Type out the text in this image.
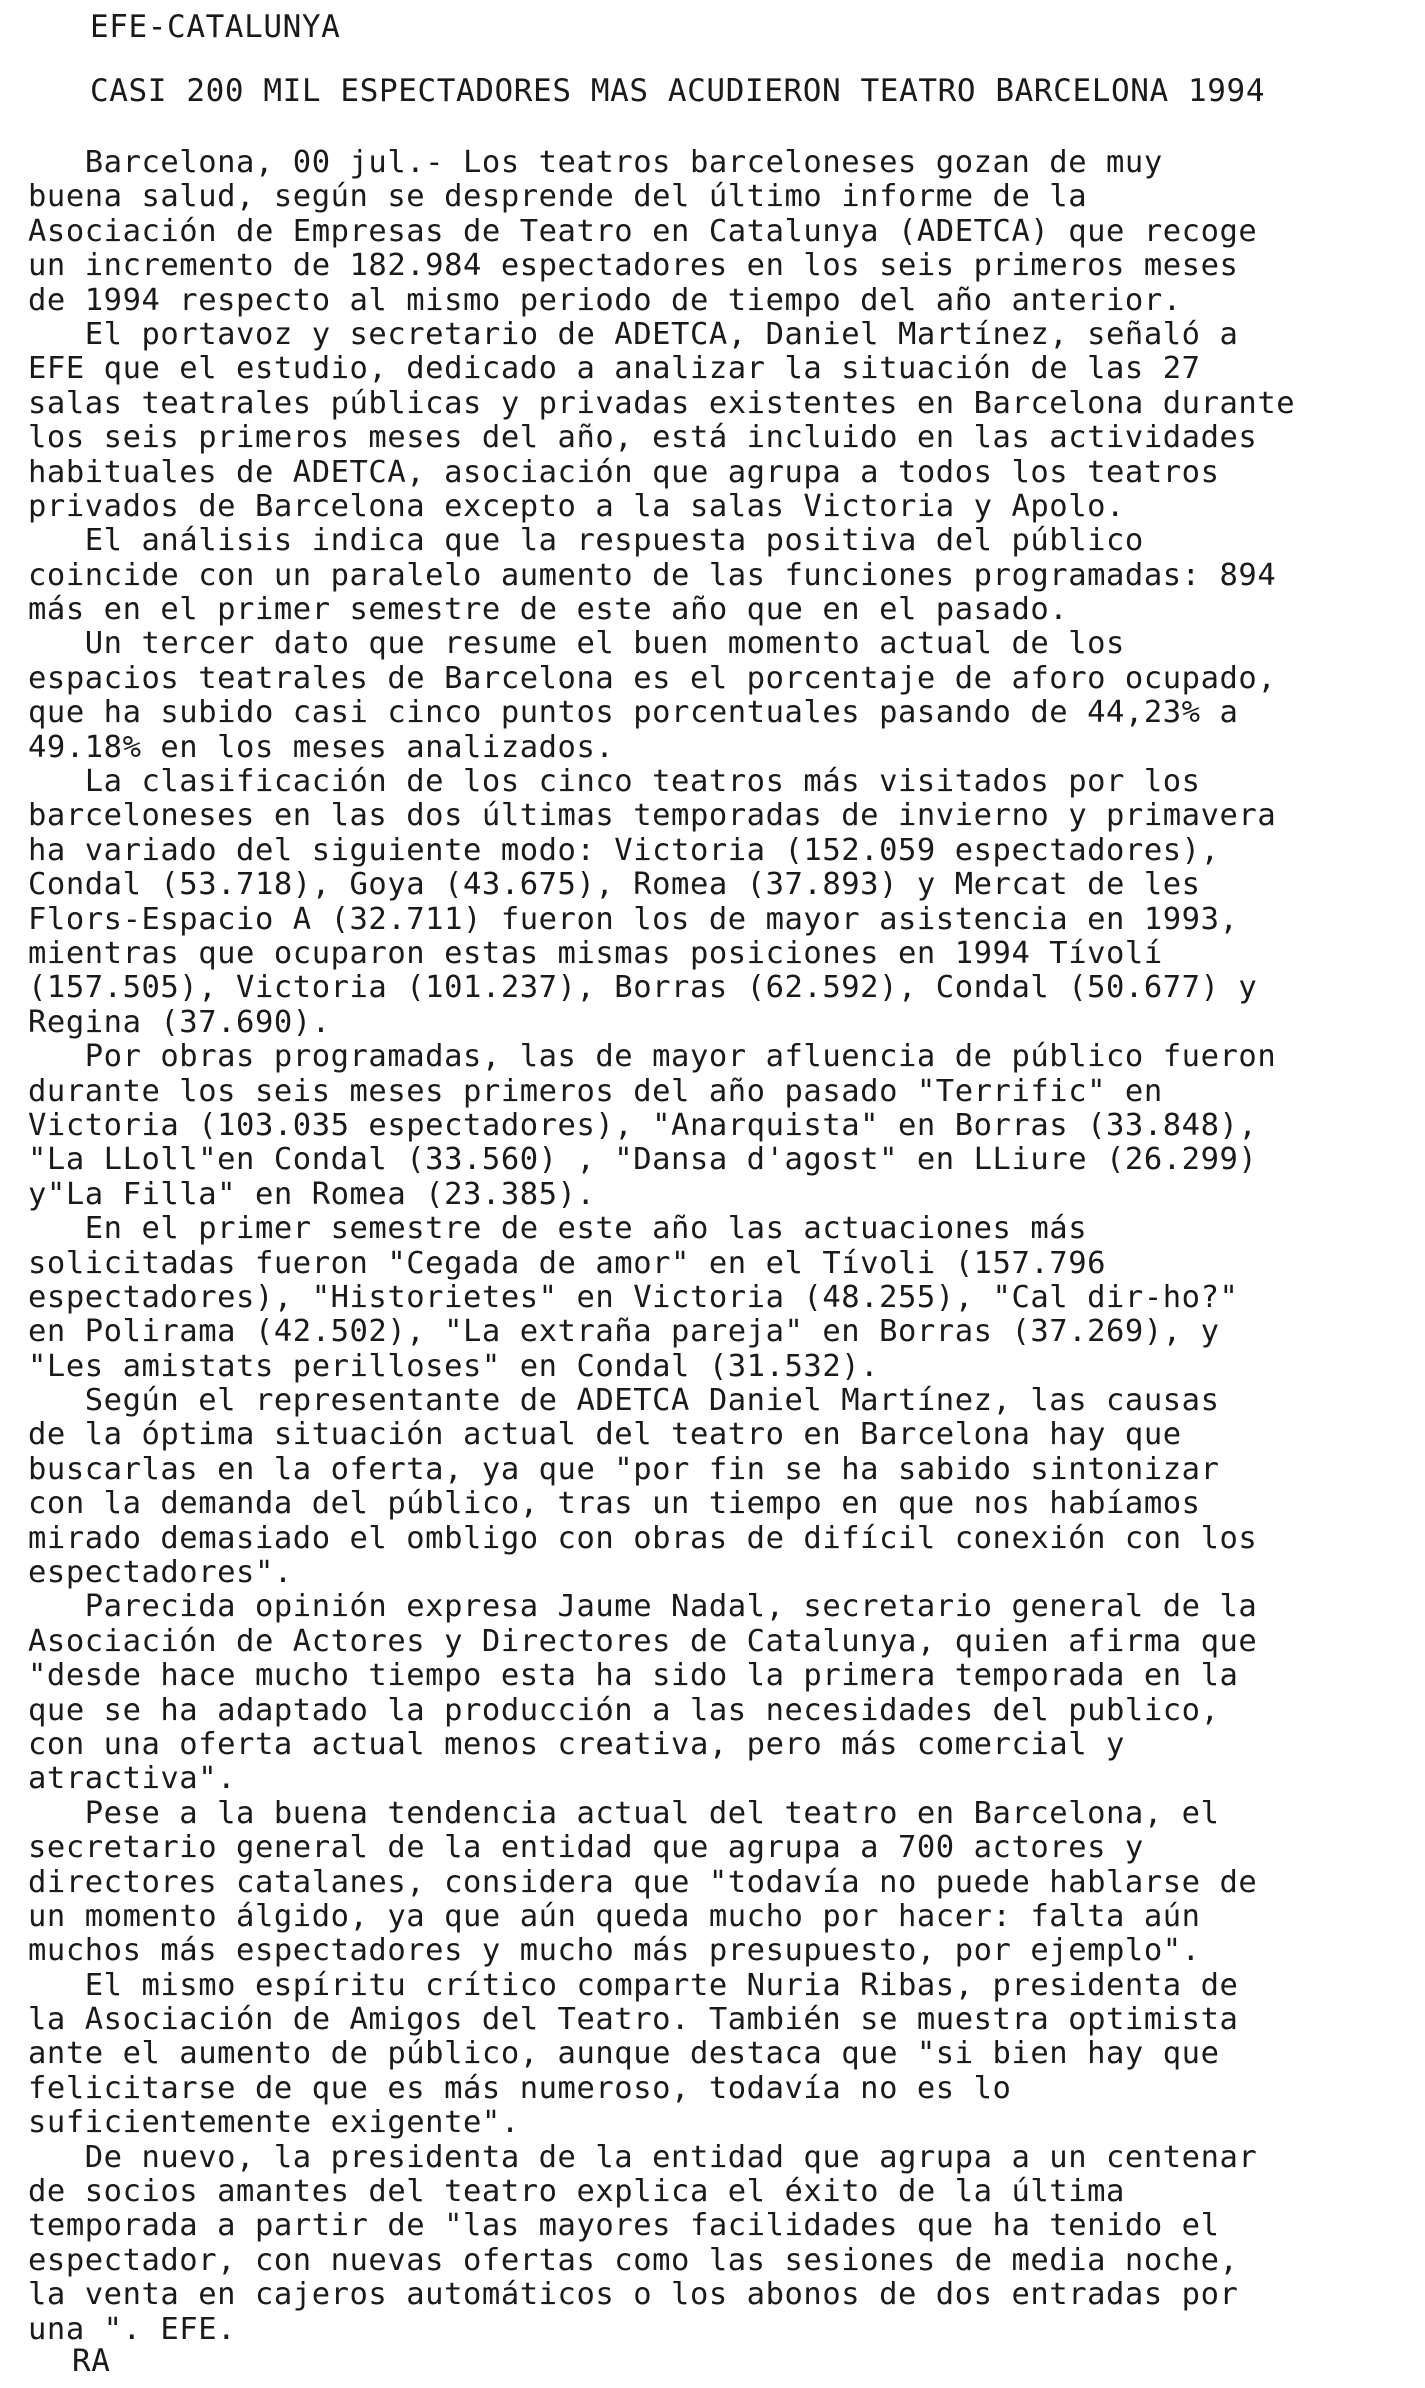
EFE-CATALUNYA
CASI 200 MIL ESPECTADORES MAS ACUDIERON TEATRO BARCELONA 1994
Barcelona, 00 jul.- Los teatros barceloneses gozan de muy
buena salud, según se desprende del último informe de la
Asociación de Empresas de Teatro en Catalunya (ADETCA) que recoge
un incremento de 182.984 espectadores en los seis primeros meses
de 1994 respecto al mismo periodo de tiempo del año anterior.
El portavoz y secretario de ADETCA, Daniel Martínez, señaló a
EFE que el estudio, dedicado a analizar la situación de las 27
salas teatrales públicas y privadas existentes en Barcelona durante
los seis primeros meses del año, está incluido en las actividades
habituales de ADETCA, asociación que agrupa a todos los teatros
privados de Barcelona excepto a la salas Victoria y Apolo.
El análisis indica que la respuesta positiva del público
coincide con un paralelo aumento de las funciones programadas: 894
más en el primer semestre de este año que en el pasado.
Un tercer dato que resume el buen momento actual de los
espacios teatrales de Barcelona es el porcentaje de aforo ocupado,
que ha subido casi cinco puntos porcentuales pasando de 44,23% a
49.18% en los meses analizados.
La clasificación de los cinco teatros más visitados por los
barceloneses en las dos últimas temporadas de invierno y primavera
ha variado del siguiente modo: Victoria (152.059 espectadores),
Condal (53.718), Goya (43.675), Romea (37.893) y Mercat de les
Flors-Espacio A (32.711) fueron los de mayor asistencia en 1993,
mientras que ocuparon estas mismas posiciones en 1994 Tívolí
(157.505), Victoria (101.237), Borras (62.592), Condal (50.677) y
Regina (37.690).
Por obras programadas, las de mayor afluencia de público fueron
durante los seis meses primeros del año pasado "Terrific" en
Victoria (103.035 espectadores), "Anarquista" en Borras (33.848),
"La LLoll"en Condal (33.560) , "Dansa d'agost" en LLiure (26.299)
y"La Filla" en Romea (23.385).
En el primer semestre de este año las actuaciones más
solicitadas fueron "Cegada de amor" en el Tívoli (157.796
espectadores), "Historietes" en Victoria (48.255), "Cal dir-ho?"
en Polirama (42.502), "La extraña pareja" en Borras (37.269), y
"Les amistats perilloses" en Condal (31.532).
Según el representante de ADETCA Daniel Martínez, las causas
de la óptima situación actual del teatro en Barcelona hay que
buscarlas en la oferta, ya que "por fin se ha sabido sintonizar
con la demanda del público, tras un tiempo en que nos habíamos
mirado demasiado el ombligo con obras de difícil conexión con los
espectadores".
Parecida opinión expresa Jaume Nadal, secretario general de la
Asociación de Actores y Directores de Catalunya, quien afirma que
"desde hace mucho tiempo esta ha sido la primera temporada en la
que se ha adaptado la producción a las necesidades del publico,
con una oferta actual menos creativa, pero más comercial y
atractiva".
Pese a la buena tendencia actual del teatro en Barcelona, el
secretario general de la entidad que agrupa a 700 actores y
directores catalanes, considera que "todavía no puede hablarse de
un momento álgido, ya que aún queda mucho por hacer: falta aún
muchos más espectadores y mucho más presupuesto, por ejemplo".
El mismo espíritu crítico comparte Nuria Ribas, presidenta de
la Asociación de Amigos del Teatro. También se muestra optimista
ante el aumento de público, aunque destaca que "si bien hay que
felicitarse de que es más numeroso, todavía no es lo
suficientemente exigente".
De nuevo, la presidenta de la entidad que agrupa a un centenar
de socios amantes del teatro explica el éxito de la última
temporada a partir de "las mayores facilidades que ha tenido el
espectador, con nuevas ofertas como las sesiones de media noche,
la venta en cajeros automáticos o los abonos de dos entradas por
una ". EFE.
RA
